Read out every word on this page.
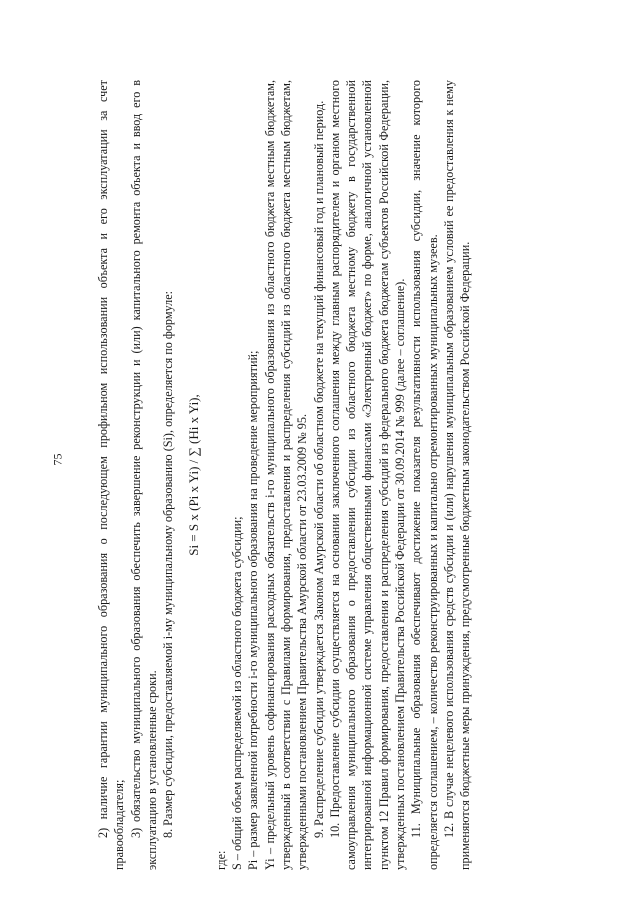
75	2) наличие гарантии муниципального образования о последующем профильном использовании объекта и его эксплуатации за счет правообладателя; 3) обязательство муниципального образования обеспечить завершение реконструкции и (или) капитального ремонта объекта и ввод его в эксплуатацию в установленные сроки. 8. Размер субсидии, предоставляемой i-му муниципальному образованию (Si), определяется по формуле: Si = S x (Pi x Yi) / ∑ (Hi x Yi),

где: S – общий объем распределяемой из областного бюджета субсидии; Pi – размер заявленной потребности i-го муниципального образования на проведение мероприятий; Yi – предельный уровень софинансирования расходных обязательств i-го муниципального образования из областного бюджета местным бюджетам, утвержденный в соответствии с Правилами формирования, предоставления и распределения субсидий из областного бюджета местным бюджетам, утвержденными постановлением Правительства Амурской области от 23.03.2009 № 95. 9. Распределение субсидии утверждается Законом Амурской области об областном бюджете на текущий финансовый год и плановый период. 10. Предоставление субсидии осуществляется на основании заключенного соглашения между главным распорядителем и органом местного самоуправления муниципального образования о предоставлении субсидии из областного бюджета местному бюджету в государственной интегрированной информационной системе управления общественными финансами «Электронный бюджет» по форме, аналогичной установленной пунктом 12 Правил формирования, предоставления и распределения субсидий из федерального бюджета бюджетам субъектов Российской Федерации, утвержденных постановлением Правительства Российской Федерации от 30.09.2014 № 999 (далее – соглашение). 11. Муниципальные образования обеспечивают достижение показателя результативности использования субсидии, значение которого определяется соглашением, – количество реконструированных и капитально отремонтированных муниципальных музеев. 12. В случае нецелевого использования средств субсидии и (или) нарушения муниципальным образованием условий ее предоставления к нему применяются бюджетные меры принуждения, предусмотренные бюджетным законодательством Российской Федерации.
